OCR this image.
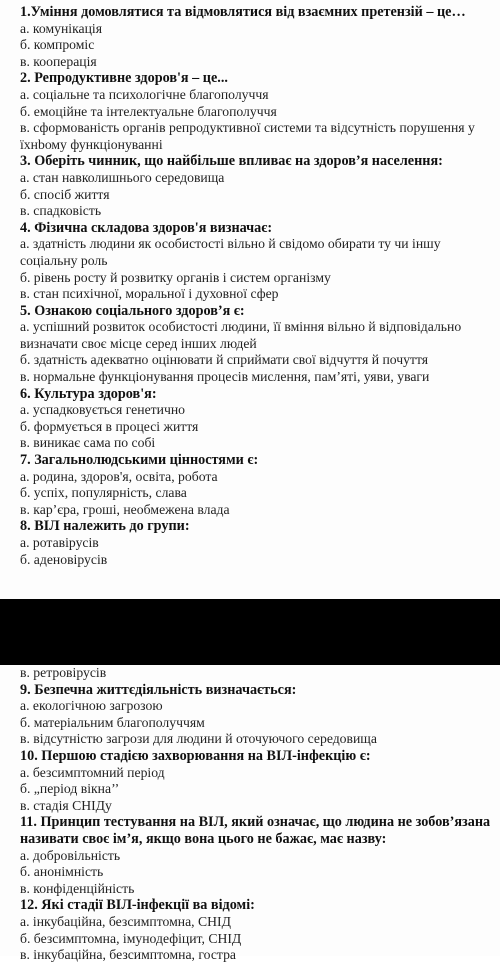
1.Уміння домовлятися та відмовлятися від взаємних претензій – це…

а. комунікація

б. компроміс

в. кооперація

2. Репродуктивне здоров'я – це...

а. соціальне та психологічне благополуччя

б. емоційне та інтелектуальне благополуччя

в. сформованість органів репродуктивної системи та відсутність порушення у їхнbому функціонуванні

3. Оберіть чинник, що найбільше впливає на здоров’я населення:

а. стан навколишнього середовища

б. спосіб життя

в. спадковість

4. Фізична складова здоров'я визначає:

а. здатність людини як особистості вільно й свідомо обирати ту чи іншу соціальну роль

б. рівень росту й розвитку органів і систем організму

в. стан психічної, моральної і духовної сфер

5. Ознакою соціального здоров’я є:

а. успішний розвиток особистості людини, її вміння вільно й відповідально визначати своє місце серед інших людей

б. здатність адекватно оцінювати й сприймати свої відчуття й почуття

в. нормальне функціонування процесів мислення, пам’яті, уяви, уваги

6. Культура здоров'я:

а. успадковується генетично

б. формується в процесі життя

в. виникає сама по собі

7. Загальнолюдськими цінностями є:

а. родина, здоров'я, освіта, робота

б. успіх, популярність, слава

в. кар’єра, гроші, необмежена влада

8. ВІЛ належить до групи:

а. ротавірусів

б. аденовірусів

в. ретровірусів

9. Безпечна життєдіяльність визначається:

а. екологічною загрозою

б. матеріальним благополуччям

в. відсутністю загрози для людини й оточуючого середовища

10. Першою стадією захворювання на ВІЛ-інфекцію є:

а. безсимптомний період

б. „період вікна’’

в. стадія СНІДу

11. Принцип тестування на ВІЛ, який означає, що людина не зобов’язана називати своє ім’я, якщо вона цього не бажає, має назву:

а. добровільність

б. анонімність

в. конфіденційність

12. Які стадії ВІЛ-інфекції ва відомі:

а. інкубаційна, безсимптомна, СНІД

б. безсимптомна, імунодефіцит, СНІД

в. інкубаційна, безсимптомна, гостра
